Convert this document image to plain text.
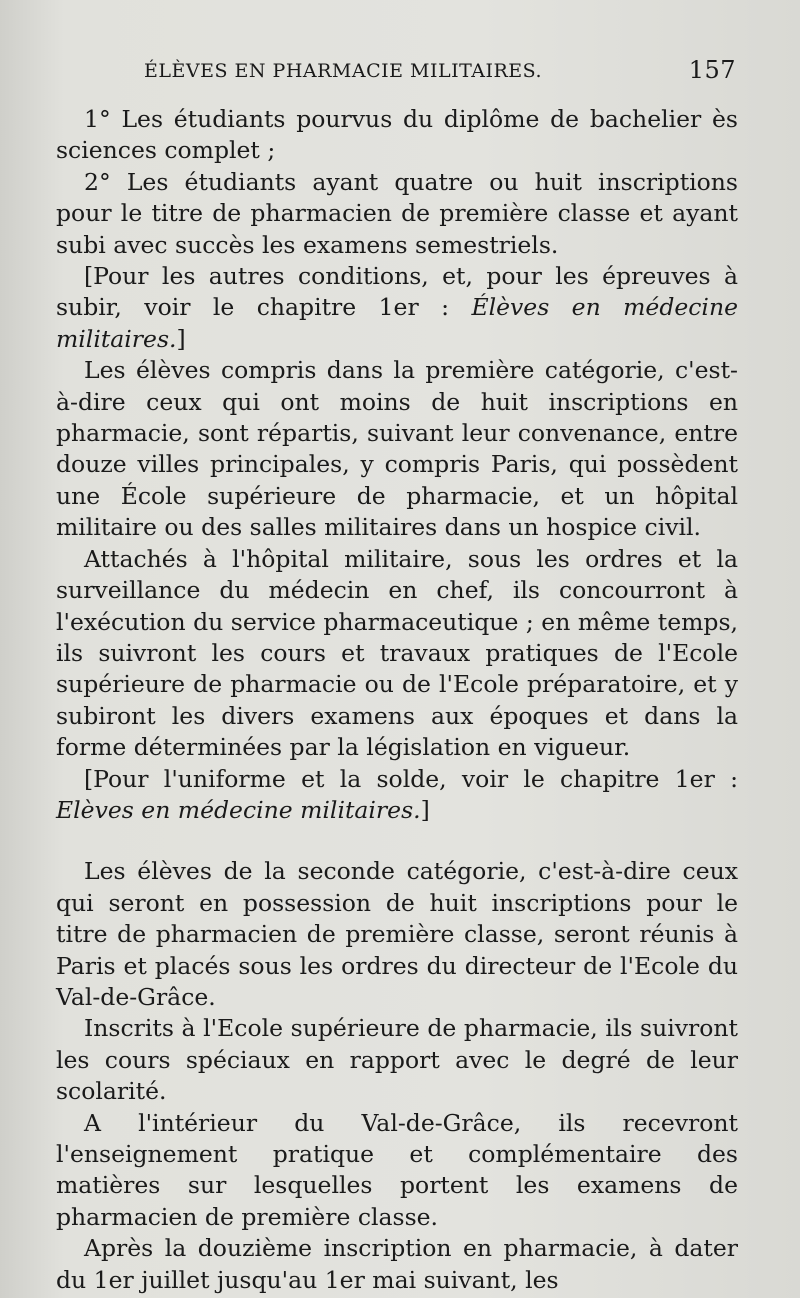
ÉLÈVES EN PHARMACIE MILITAIRES.	157

1° Les étudiants pourvus du diplôme de bachelier ès sciences complet ;

2° Les étudiants ayant quatre ou huit inscriptions pour le titre de pharmacien de première classe et ayant subi avec succès les examens semestriels.

[Pour les autres conditions, et, pour les épreuves à subir, voir le chapitre 1er : Élèves en médecine militaires.]

Les élèves compris dans la première catégorie, c'est-à-dire ceux qui ont moins de huit inscriptions en pharmacie, sont répartis, suivant leur convenance, entre douze villes principales, y compris Paris, qui possèdent une École supérieure de pharmacie, et un hôpital militaire ou des salles militaires dans un hospice civil.

Attachés à l'hôpital militaire, sous les ordres et la surveillance du médecin en chef, ils concourront à l'exécution du service pharmaceutique ; en même temps, ils suivront les cours et travaux pratiques de l'Ecole supérieure de pharmacie ou de l'Ecole préparatoire, et y subiront les divers examens aux époques et dans la forme déterminées par la législation en vigueur.

[Pour l'uniforme et la solde, voir le chapitre 1er : Elèves en médecine militaires.]

Les élèves de la seconde catégorie, c'est-à-dire ceux qui seront en possession de huit inscriptions pour le titre de pharmacien de première classe, seront réunis à Paris et placés sous les ordres du directeur de l'Ecole du Val-de-Grâce.

Inscrits à l'Ecole supérieure de pharmacie, ils suivront les cours spéciaux en rapport avec le degré de leur scolarité.

A l'intérieur du Val-de-Grâce, ils recevront l'enseignement pratique et complémentaire des matières sur lesquelles portent les examens de pharmacien de première classe.

Après la douzième inscription en pharmacie, à dater du 1er juillet jusqu'au 1er mai suivant, les
